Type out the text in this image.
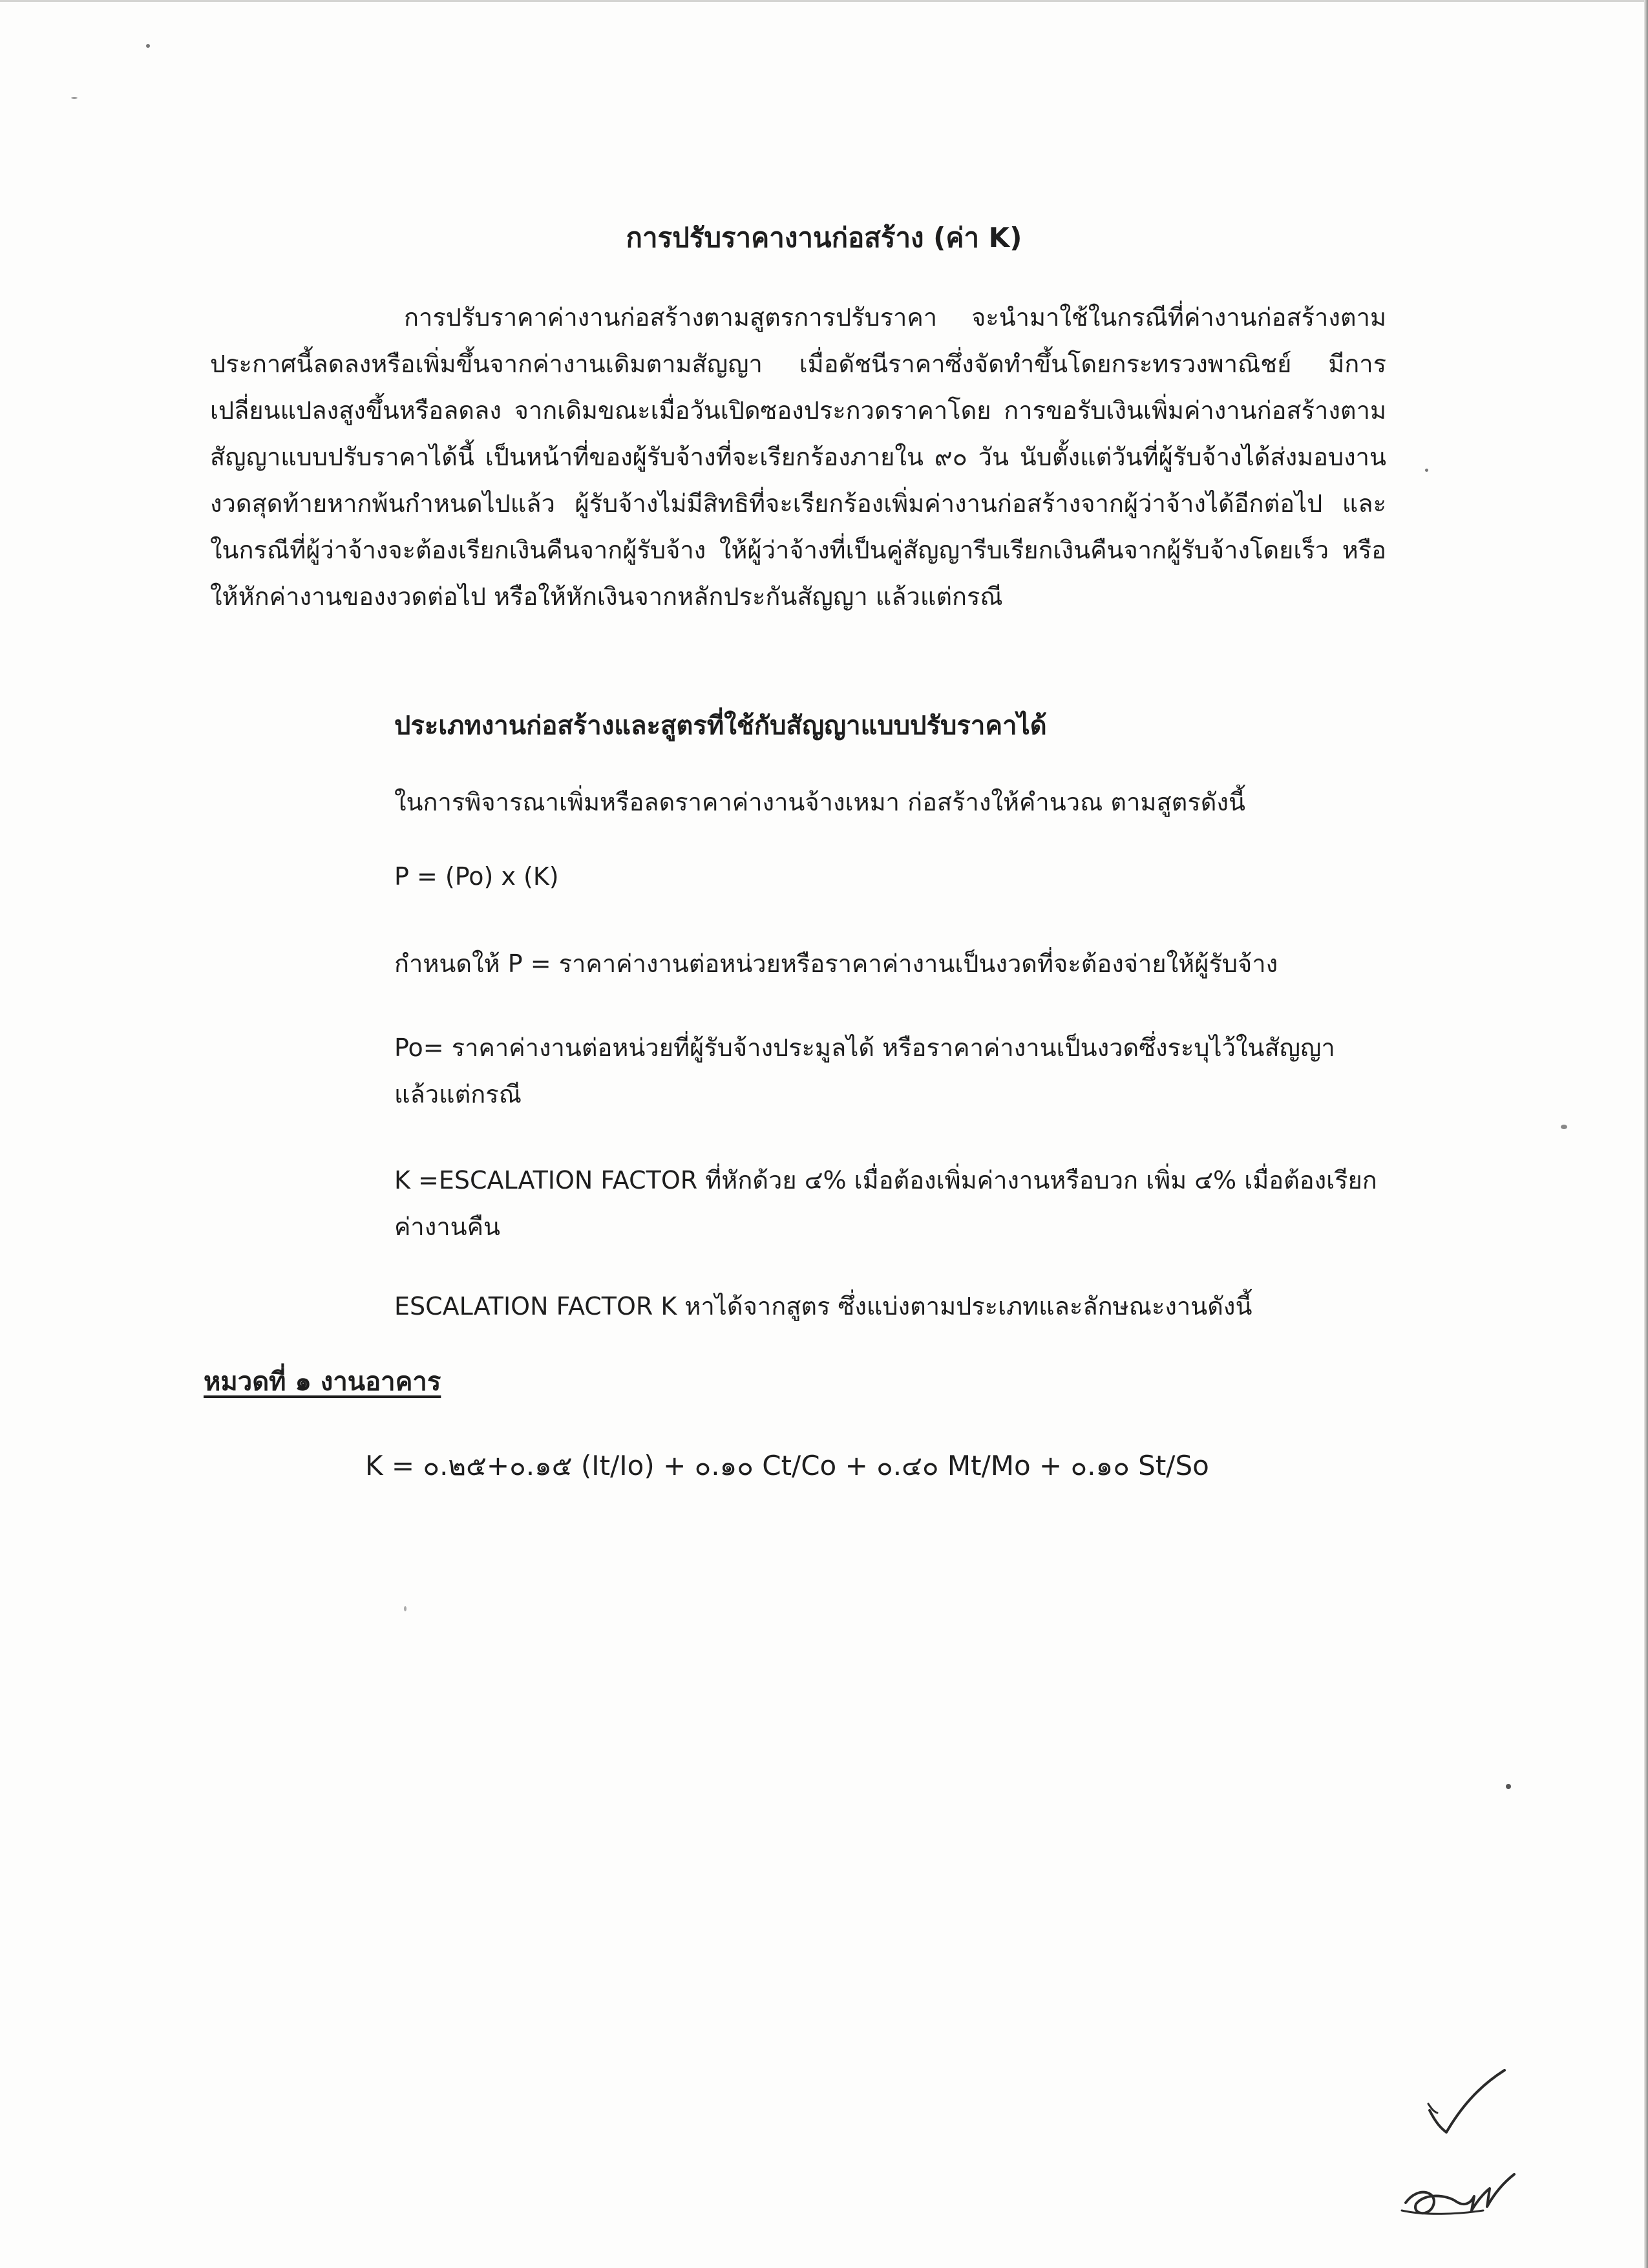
การปรับราคางานก่อสร้าง (ค่า K)

การปรับราคาค่างานก่อสร้างตามสูตรการปรับราคา จะนำมาใช้ในกรณีที่ค่างานก่อสร้างตามประกาศนี้ลดลงหรือเพิ่มขึ้นจากค่างานเดิมตามสัญญา เมื่อดัชนีราคาซึ่งจัดทำขึ้นโดยกระทรวงพาณิชย์ มีการเปลี่ยนแปลงสูงขึ้นหรือลดลง จากเดิมขณะเมื่อวันเปิดซองประกวดราคาโดย การขอรับเงินเพิ่มค่างานก่อสร้างตามสัญญาแบบปรับราคาได้นี้ เป็นหน้าที่ของผู้รับจ้างที่จะเรียกร้องภายใน ๙๐ วัน นับตั้งแต่วันที่ผู้รับจ้างได้ส่งมอบงานงวดสุดท้ายหากพ้นกำหนดไปแล้ว ผู้รับจ้างไม่มีสิทธิที่จะเรียกร้องเพิ่มค่างานก่อสร้างจากผู้ว่าจ้างได้อีกต่อไป และในกรณีที่ผู้ว่าจ้างจะต้องเรียกเงินคืนจากผู้รับจ้าง ให้ผู้ว่าจ้างที่เป็นคู่สัญญารีบเรียกเงินคืนจากผู้รับจ้างโดยเร็ว หรือให้หักค่างานของงวดต่อไป หรือให้หักเงินจากหลักประกันสัญญา แล้วแต่กรณี

ประเภทงานก่อสร้างและสูตรที่ใช้กับสัญญาแบบปรับราคาได้
ในการพิจารณาเพิ่มหรือลดราคาค่างานจ้างเหมา ก่อสร้างให้คำนวณ ตามสูตรดังนี้
P = (Po) x (K)
กำหนดให้ P = ราคาค่างานต่อหน่วยหรือราคาค่างานเป็นงวดที่จะต้องจ่ายให้ผู้รับจ้าง
Po= ราคาค่างานต่อหน่วยที่ผู้รับจ้างประมูลได้ หรือราคาค่างานเป็นงวดซึ่งระบุไว้ในสัญญา แล้วแต่กรณี
K =ESCALATION FACTOR ที่หักด้วย ๔% เมื่อต้องเพิ่มค่างานหรือบวก เพิ่ม ๔% เมื่อต้องเรียกค่างานคืน
ESCALATION FACTOR K หาได้จากสูตร ซึ่งแบ่งตามประเภทและลักษณะงานดังนี้
หมวดที่ ๑ งานอาคาร
K = ๐.๒๕+๐.๑๕ (It/Io) + ๐.๑๐ Ct/Co + ๐.๔๐ Mt/Mo + ๐.๑๐ St/So
